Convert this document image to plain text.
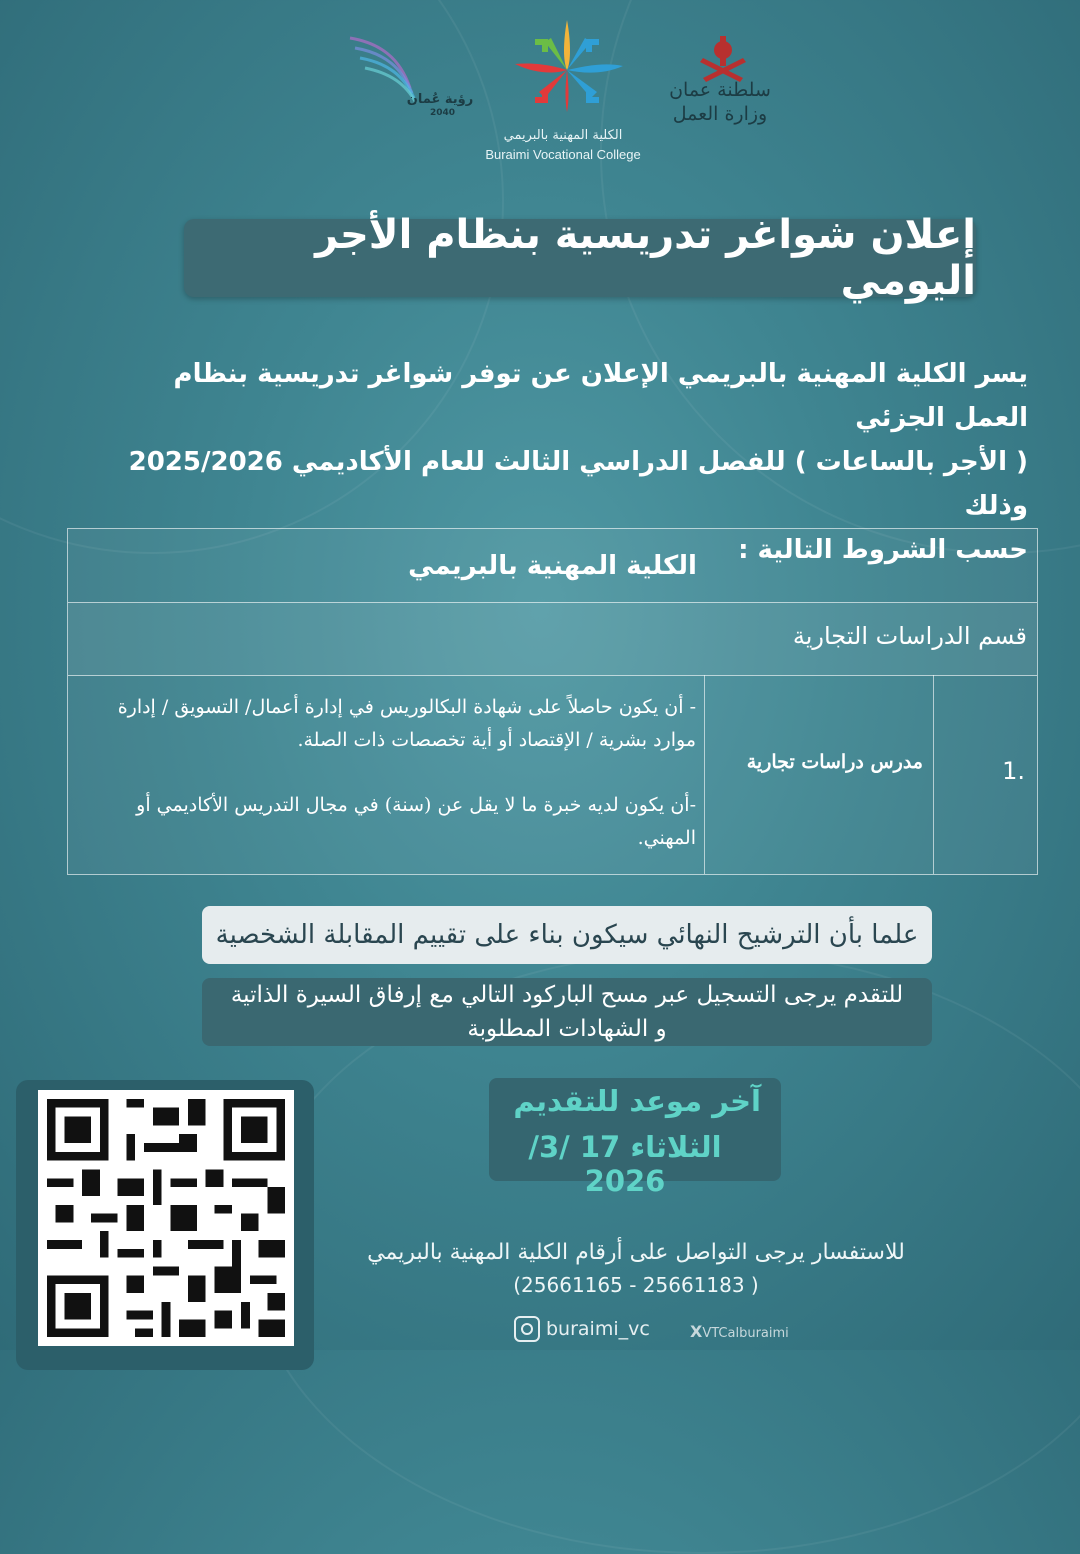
سلطنة عمان وزارة العمل
الكلية المهنية بالبريمي
Buraimi Vocational College
رؤية عُمان
2040
إعلان شواغر تدريسية بنظام الأجر اليومي
يسر الكلية المهنية بالبريمي الإعلان عن توفر شواغر تدريسية بنظام العمل الجزئي
( الأجر بالساعات ) للفصل الدراسي الثالث للعام الأكاديمي 2025/2026 وذلك
حسب الشروط التالية :
الكلية المهنية بالبريمي
قسم الدراسات التجارية
1.
مدرس دراسات تجارية

- أن يكون حاصلاً على شهادة البكالوريس في إدارة أعمال/ التسويق / إدارة موارد بشرية / الإقتصاد أو أية تخصصات ذات الصلة.

-أن يكون لديه خبرة ما لا يقل عن (سنة) في مجال التدريس الأكاديمي أو المهني.

علما بأن الترشيح النهائي سيكون بناء على تقييم المقابلة الشخصية
للتقدم يرجى التسجيل عبر مسح الباركود التالي مع إرفاق السيرة الذاتية و الشهادات المطلوبة
آخر موعد للتقديم
الثلاثاء 17 /3/ 2026
للاستفسار يرجى التواصل على أرقام الكلية المهنية بالبريمي
(25661165 - 25661183 )
buraimi_vc	XVTCalburaimi
